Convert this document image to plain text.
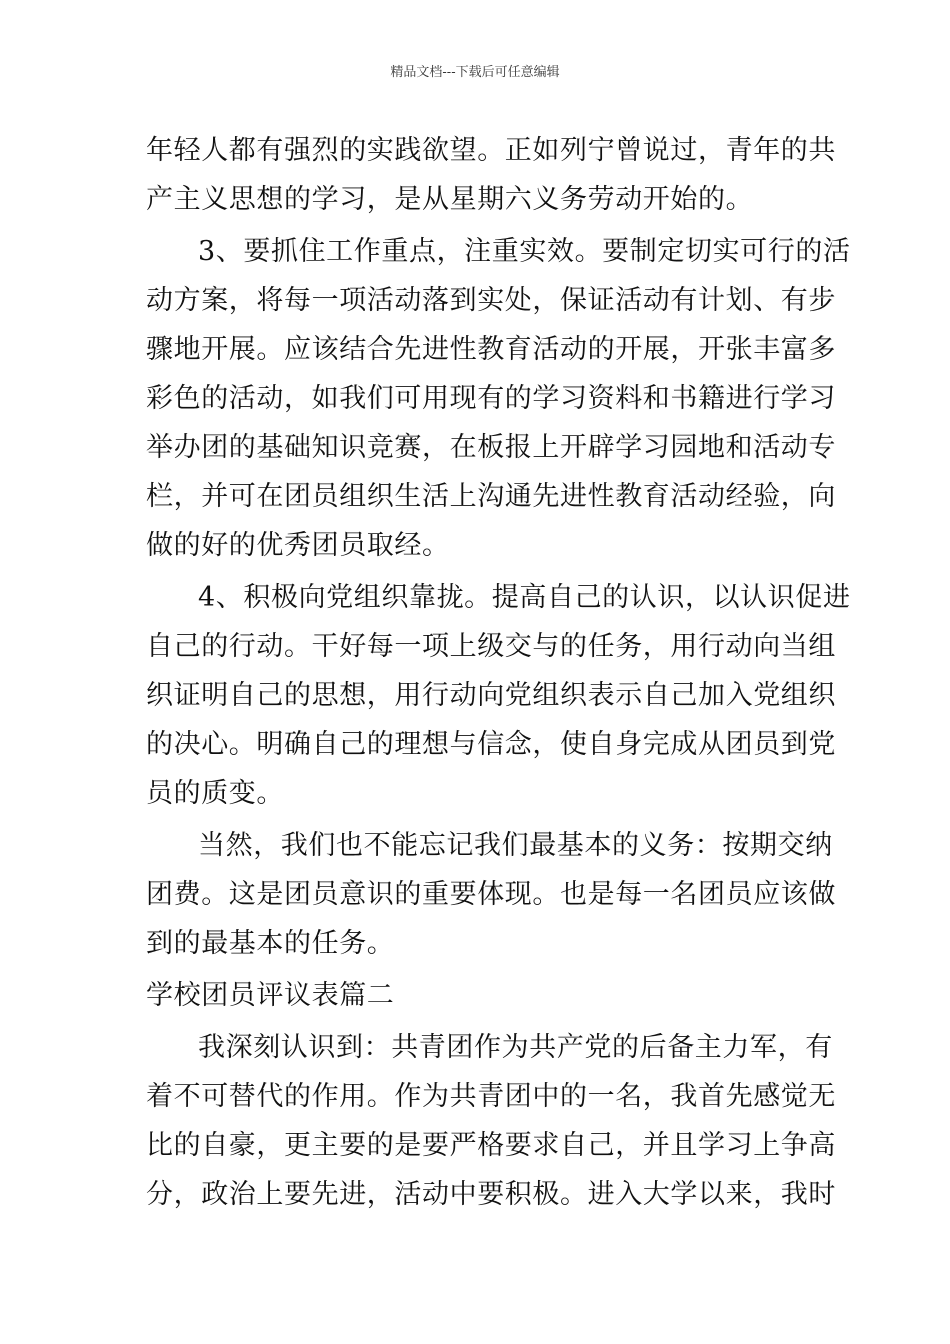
精品文档---下载后可任意编辑
年轻人都有强烈的实践欲望。正如列宁曾说过，青年的共
产主义思想的学习，是从星期六义务劳动开始的。
3、要抓住工作重点，注重实效。要制定切实可行的活
动方案，将每一项活动落到实处，保证活动有计划、有步
骤地开展。应该结合先进性教育活动的开展，开张丰富多
彩色的活动，如我们可用现有的学习资料和书籍进行学习
举办团的基础知识竞赛，在板报上开辟学习园地和活动专
栏，并可在团员组织生活上沟通先进性教育活动经验，向
做的好的优秀团员取经。
4、积极向党组织靠拢。提高自己的认识，以认识促进
自己的行动。干好每一项上级交与的任务，用行动向当组
织证明自己的思想，用行动向党组织表示自己加入党组织
的决心。明确自己的理想与信念，使自身完成从团员到党
员的质变。
当然，我们也不能忘记我们最基本的义务：按期交纳
团费。这是团员意识的重要体现。也是每一名团员应该做
到的最基本的任务。
学校团员评议表篇二
我深刻认识到：共青团作为共产党的后备主力军，有
着不可替代的作用。作为共青团中的一名，我首先感觉无
比的自豪，更主要的是要严格要求自己，并且学习上争高
分，政治上要先进，活动中要积极。进入大学以来，我时
